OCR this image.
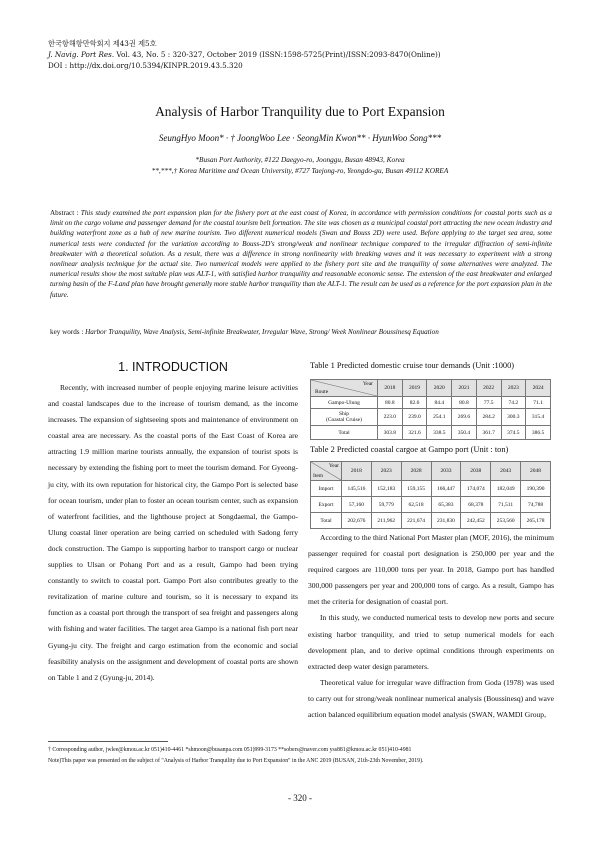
한국항해항만학회지 제43권 제5호
J. Navig. Port Res. Vol. 43, No. 5 : 320-327, October 2019 (ISSN:1598-5725(Print)/ISSN:2093-8470(Online))
DOI : http://dx.doi.org/10.5394/KINPR.2019.43.5.320
Analysis of Harbor Tranquility due to Port Expansion
SeungHyo Moon* · † JoongWoo Lee · SeongMin Kwon** · HyunWoo Song***
*Busan Port Authority, #122 Daegyo-ro, Joonggu, Busan 48943, Korea
**,***,† Korea Maritime and Ocean University, #727 Taejong-ro, Yeongdo-gu, Busan 49112 KOREA
Abstract : This study examined the port expansion plan for the fishery port at the east coast of Korea, in accordance with permission conditions for coastal ports such as a limit on the cargo volume and passenger demand for the coastal tourism belt formation. The site was chosen as a municipal coastal port attracting the new ocean industry and building waterfront zone as a hub of new marine tourism. Two different numerical models (Swan and Bouss 2D) were used. Before applying to the target sea area, some numerical tests were conducted for the variation according to Bouss-2D's strong/weak and nonlinear technique compared to the irregular diffraction of semi-infinite breakwater with a theoretical solution. As a result, there was a difference in strong nonlinearity with breaking waves and it was necessary to experiment with a strong nonlinear analysis technique for the actual site. Two numerical models were applied to the fishery port site and the tranquility of some alternatives were analyzed. The numerical results show the most suitable plan was ALT-1, with satisfied harbor tranquility and reasonable economic sense. The extension of the east breakwater and enlarged turning basin of the F-Land plan have brought generally more stable harbor tranquility than the ALT-1. The result can be used as a reference for the port expansion plan in the future.
key words : Harbor Tranquility, Wave Analysis, Semi-infinite Breakwater, Irregular Wave, Strong/ Week Nonlinear Boussinesq Equation
1. INTRODUCTION

Recently, with increased number of people enjoying marine leisure activities and coastal landscapes due to the increase of tourism demand, as the income increases. The expansion of sightseeing spots and maintenance of environment on coastal area are necessary. As the coastal ports of the East Coast of Korea are attracting 1.9 million marine tourists annually, the expansion of tourist spots is necessary by extending the fishing port to meet the tourism demand. For Gyeong-ju city, with its own reputation for historical city, the Gampo Port is selected base for ocean tourism, under plan to foster an ocean tourism center, such as expansion of waterfront facilities, and the lighthouse project at Songdaemal, the Gampo-Ulung coastal liner operation are being carried on scheduled with Sadong ferry dock construction. The Gampo is supporting harbor to transport cargo or nuclear supplies to Ulsan or Pohang Port and as a result, Gampo had been trying constantly to switch to coastal port. Gampo Port also contributes greatly to the revitalization of marine culture and tourism, so it is necessary to expand its function as a coastal port through the transport of sea freight and passengers along with fishing and water facilities. The target area Gampo is a national fish port near Gyung-ju city. The freight and cargo estimation from the economic and social feasibility analysis on the assignment and development of coastal ports are shown on Table 1 and 2 (Gyung-ju, 2014).

Table 1 Predicted domestic cruise tour demands (Unit :1000)
Year
Route	2018	2019	2020	2021	2022	2023	2024
Gampo-Ulung	80.8	82.6	84.4	80.8	77.5	74.2	71.1

Ship
(Coastal Cruise)	223.0	239.0	254.1	269.6	284.2	300.3	315.4
Total	303.8	321.6	338.5	350.4	361.7	374.5	386.5
Table 2 Predicted coastal cargoe at Gampo port (Unit : ton)
Year
Item	2018	2023	2028	2033	2038	2043	2048
Import	145,516	152,183	159,155	166,447	174,074	182,049	190,390
Export	57,160	59,779	62,518	65,383	68,378	71,511	74,788
Total	202,676	211,962	221,674	231,830	242,452	253,560	265,178

According to the third National Port Master plan (MOF, 2016), the minimum passenger required for coastal port designation is 250,000 per year and the required cargoes are 110,000 tons per year. In 2018, Gampo port has handled 300,000 passengers per year and 200,000 tons of cargo. As a result, Gampo has met the criteria for designation of coastal port.

In this study, we conducted numerical tests to develop new ports and secure existing harbor tranquility, and tried to setup numerical models for each development plan, and to derive optimal conditions through experiments on extracted deep water design parameters.

Theoretical value for irregular wave diffraction from Goda (1978) was used to carry out for strong/weak nonlinear numerical analysis (Boussinesq) and wave action balanced equilibrium equation model analysis (SWAN, WAMDI Group,

† Corresponding author, jwlee@kmou.ac.kr 051)410-4461 *shmoon@busanpa.com 051)999-3173 **sobers@naver.com yss881@kmou.ac.kr 051)410-4981
Note)This paper was presented on the subject of "Analysis of Harbor Tranquility due to Port Expansion" in the ANC 2019 (BUSAN, 21th-23th November, 2019).
- 320 -
